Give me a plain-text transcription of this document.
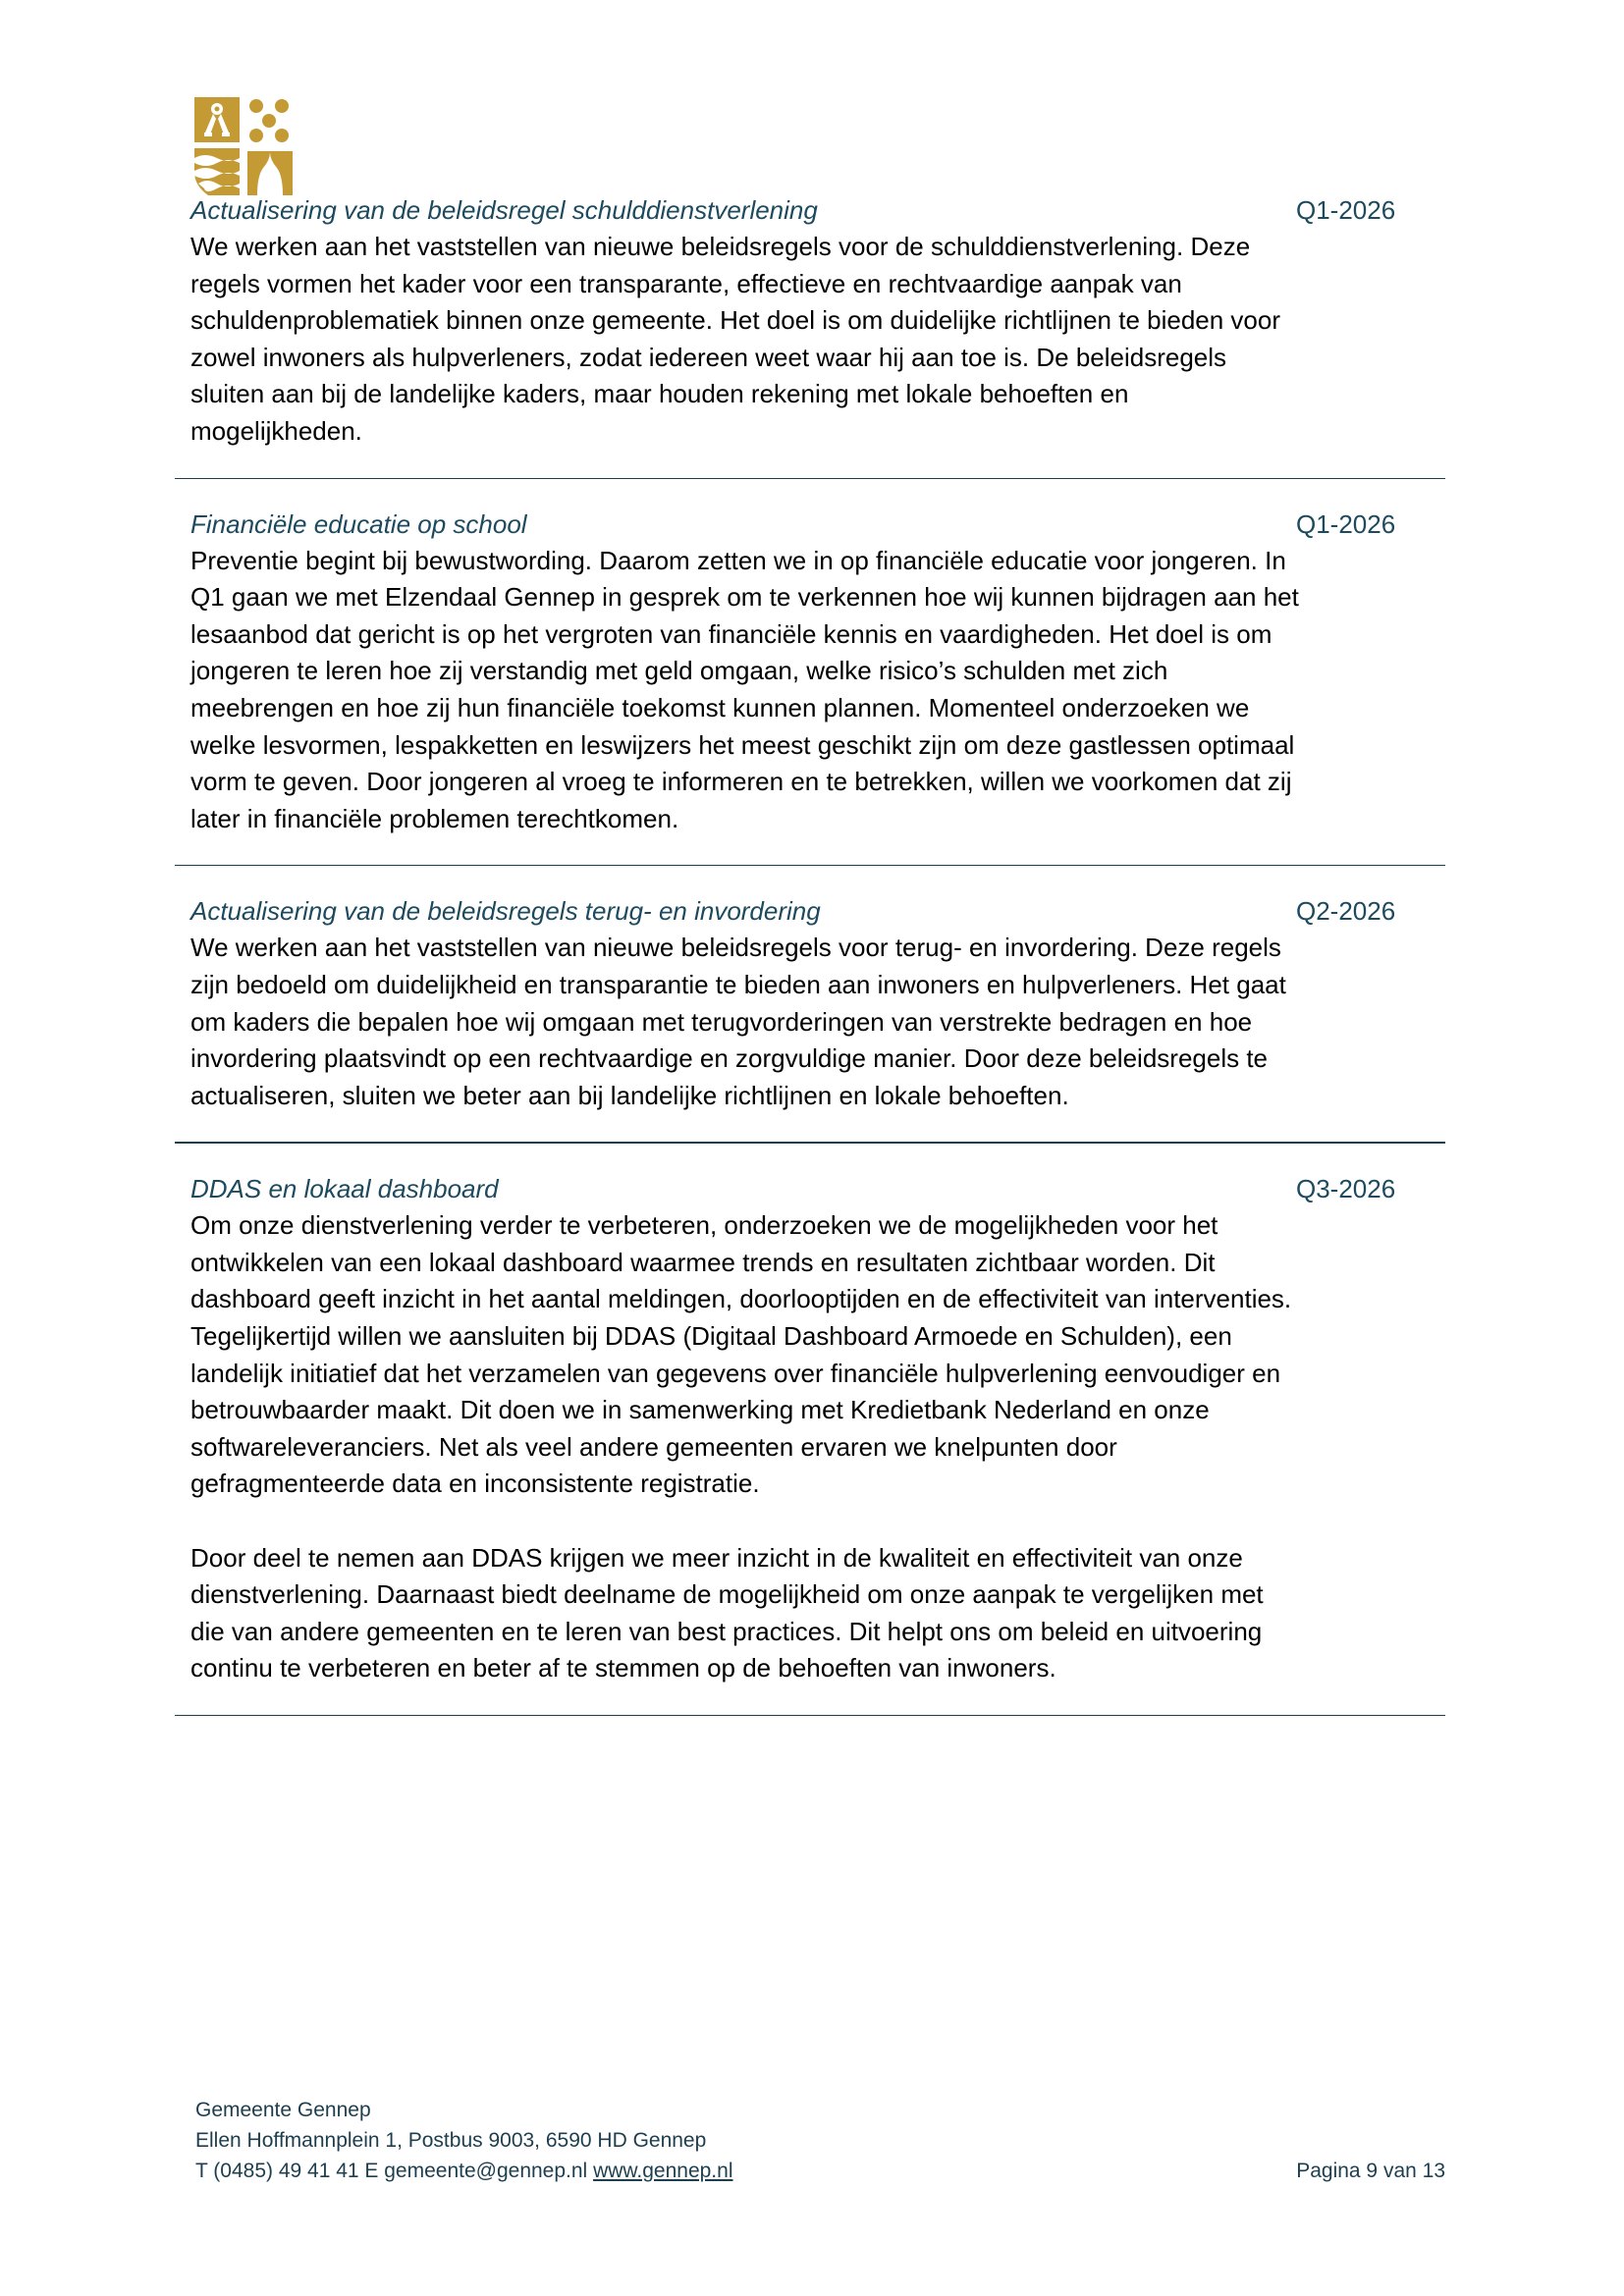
Actualisering van de beleidsregel schulddienstverlening	Q1-2026

We werken aan het vaststellen van nieuwe beleidsregels voor de schulddienstverlening. Deze regels vormen het kader voor een transparante, effectieve en rechtvaardige aanpak van schuldenproblematiek binnen onze gemeente. Het doel is om duidelijke richtlijnen te bieden voor zowel inwoners als hulpverleners, zodat iedereen weet waar hij aan toe is. De beleidsregels sluiten aan bij de landelijke kaders, maar houden rekening met lokale behoeften en mogelijkheden.

Financiële educatie op school	Q1-2026

Preventie begint bij bewustwording. Daarom zetten we in op financiële educatie voor jongeren. In Q1 gaan we met Elzendaal Gennep in gesprek om te verkennen hoe wij kunnen bijdragen aan het lesaanbod dat gericht is op het vergroten van financiële kennis en vaardigheden. Het doel is om jongeren te leren hoe zij verstandig met geld omgaan, welke risico’s schulden met zich meebrengen en hoe zij hun financiële toekomst kunnen plannen. Momenteel onderzoeken we welke lesvormen, lespakketten en leswijzers het meest geschikt zijn om deze gastlessen optimaal vorm te geven. Door jongeren al vroeg te informeren en te betrekken, willen we voorkomen dat zij later in financiële problemen terechtkomen.

Actualisering van de beleidsregels terug- en invordering	Q2-2026

We werken aan het vaststellen van nieuwe beleidsregels voor terug- en invordering. Deze regels zijn bedoeld om duidelijkheid en transparantie te bieden aan inwoners en hulpverleners. Het gaat om kaders die bepalen hoe wij omgaan met terugvorderingen van verstrekte bedragen en hoe invordering plaatsvindt op een rechtvaardige en zorgvuldige manier. Door deze beleidsregels te actualiseren, sluiten we beter aan bij landelijke richtlijnen en lokale behoeften.

DDAS en lokaal dashboard	Q3-2026

Om onze dienstverlening verder te verbeteren, onderzoeken we de mogelijkheden voor het ontwikkelen van een lokaal dashboard waarmee trends en resultaten zichtbaar worden. Dit dashboard geeft inzicht in het aantal meldingen, doorlooptijden en de effectiviteit van interventies. Tegelijkertijd willen we aansluiten bij DDAS (Digitaal Dashboard Armoede en Schulden), een landelijk initiatief dat het verzamelen van gegevens over financiële hulpverlening eenvoudiger en betrouwbaarder maakt. Dit doen we in samenwerking met Kredietbank Nederland en onze softwareleveranciers. Net als veel andere gemeenten ervaren we knelpunten door gefragmenteerde data en inconsistente registratie.

Door deel te nemen aan DDAS krijgen we meer inzicht in de kwaliteit en effectiviteit van onze dienstverlening. Daarnaast biedt deelname de mogelijkheid om onze aanpak te vergelijken met die van andere gemeenten en te leren van best practices. Dit helpt ons om beleid en uitvoering continu te verbeteren en beter af te stemmen op de behoeften van inwoners.

Gemeente Gennep
Ellen Hoffmannplein 1, Postbus 9003, 6590 HD Gennep
T (0485) 49 41 41 E gemeente@gennep.nl www.gennep.nl	Pagina 9 van 13
